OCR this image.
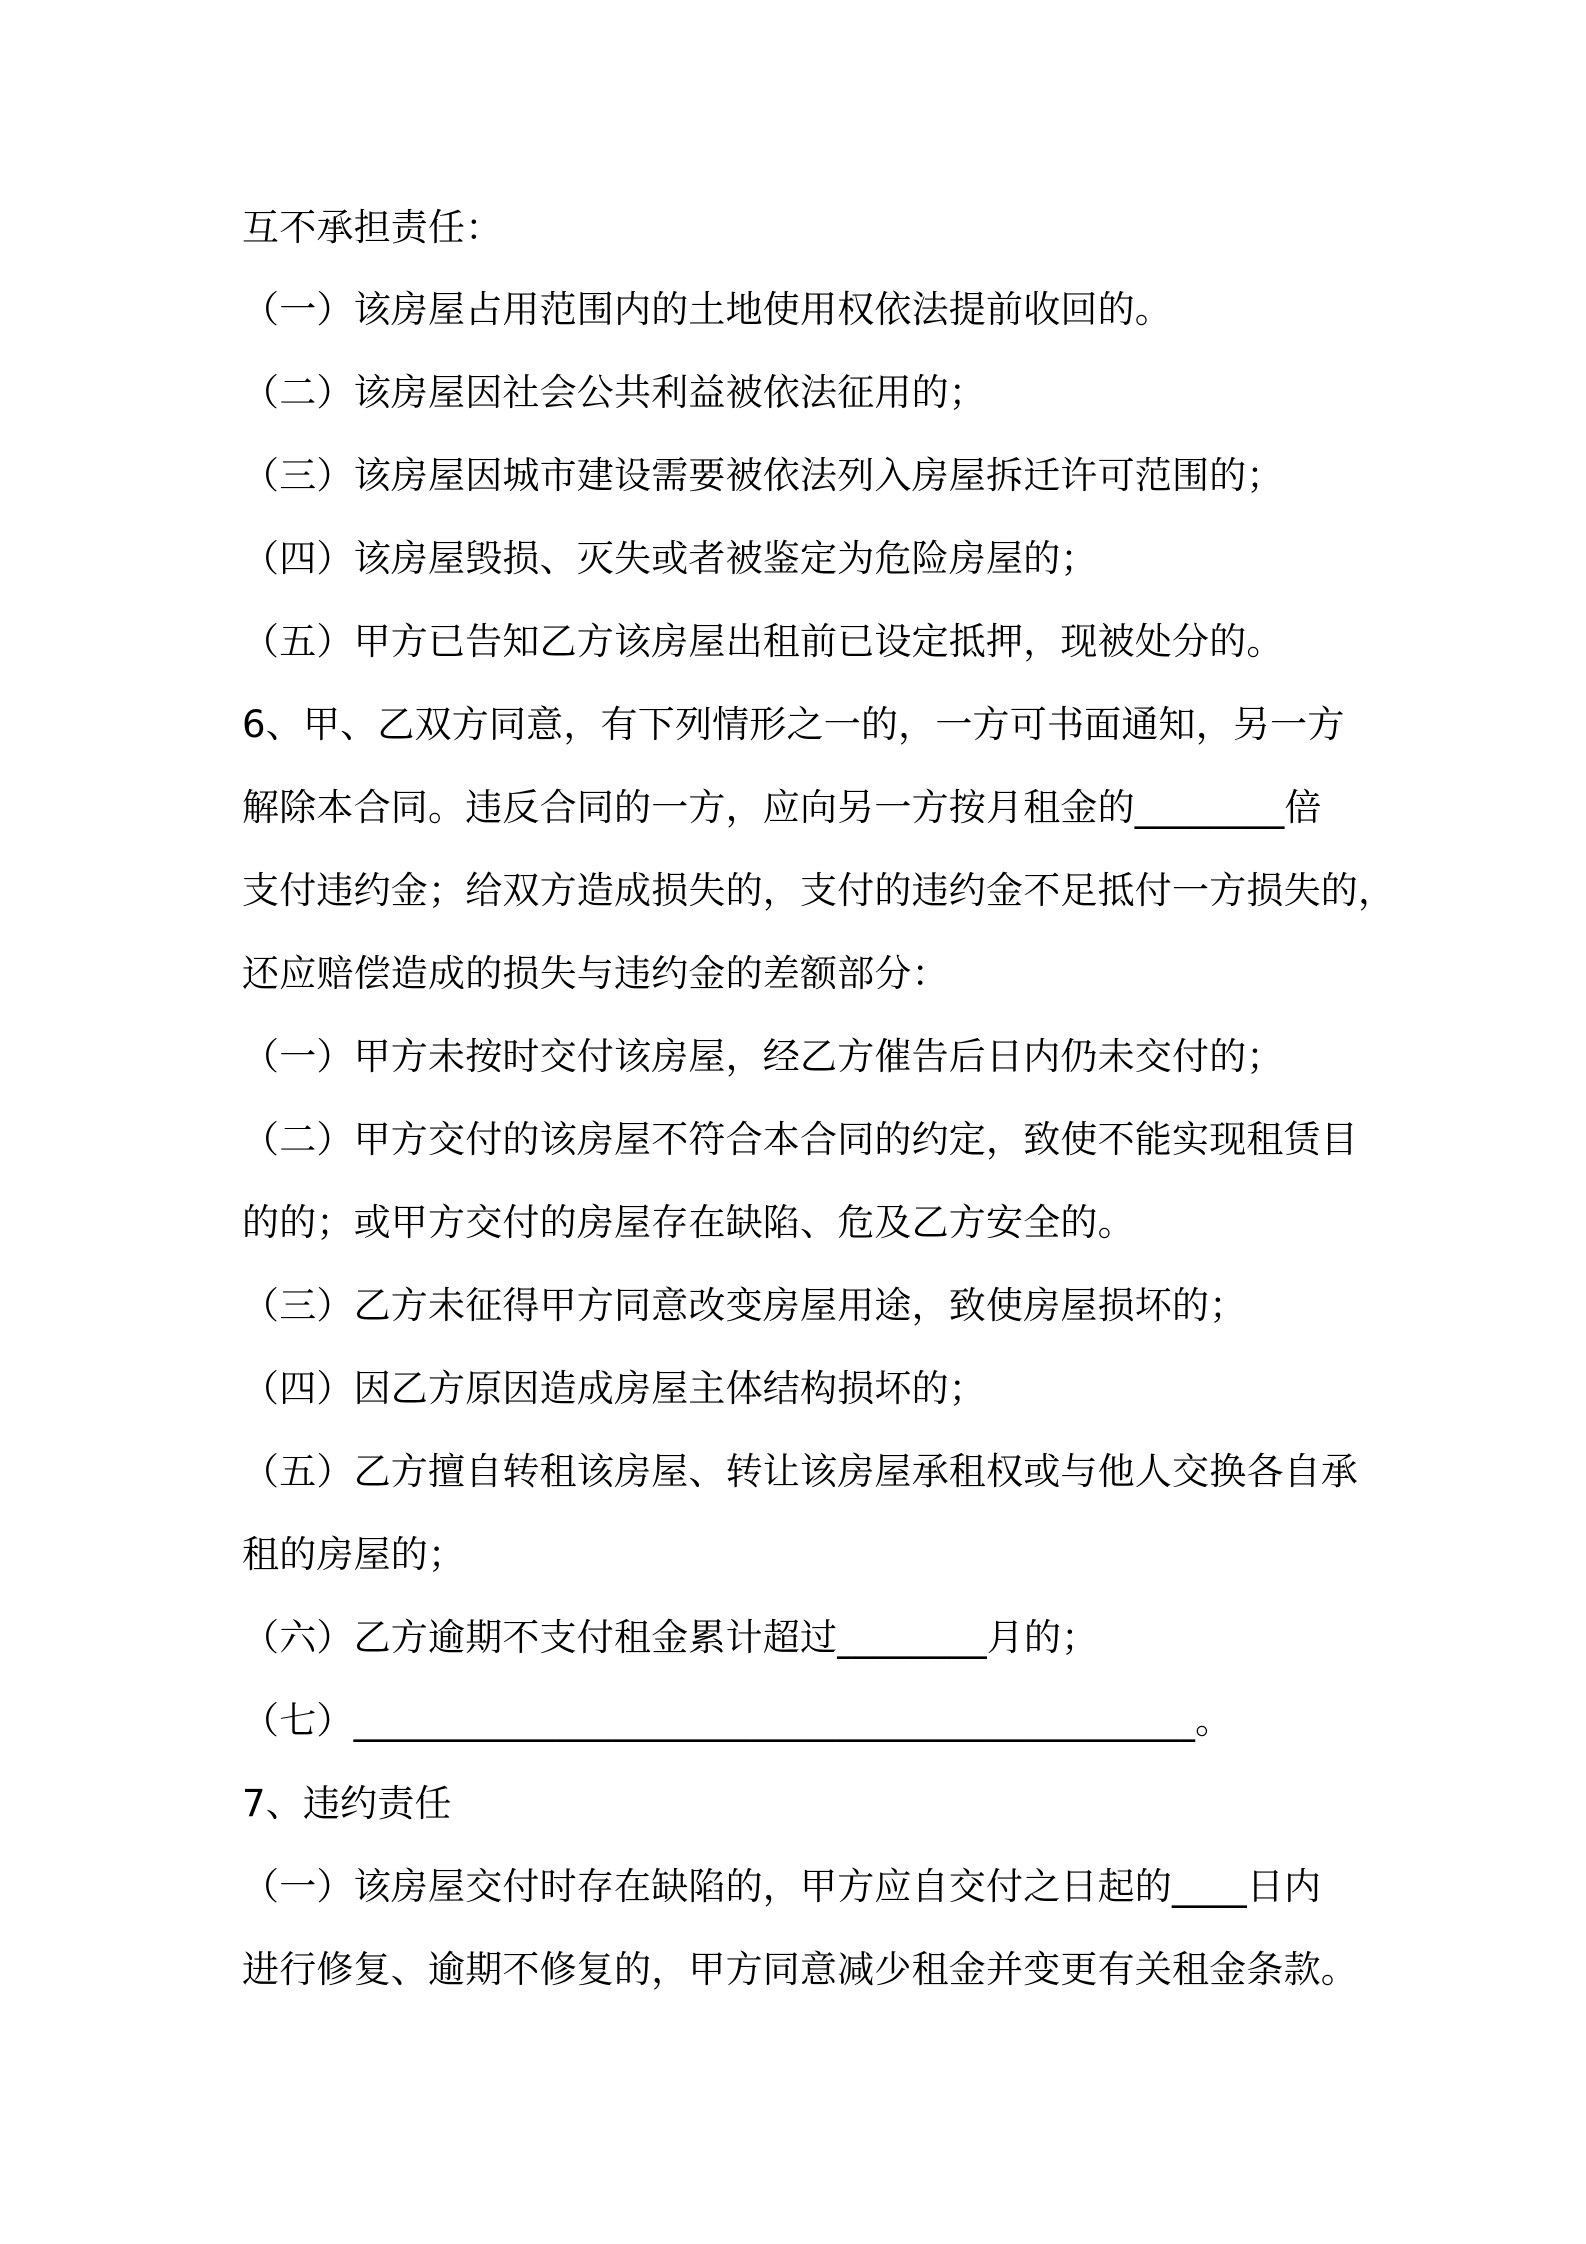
互不承担责任：
（一）该房屋占用范围内的土地使用权依法提前收回的。
（二）该房屋因社会公共利益被依法征用的；
（三）该房屋因城市建设需要被依法列入房屋拆迁许可范围的；
（四）该房屋毁损、灭失或者被鉴定为危险房屋的；
（五）甲方已告知乙方该房屋出租前已设定抵押，现被处分的。
6、甲、乙双方同意，有下列情形之一的，一方可书面通知，另一方
解除本合同。违反合同的一方，应向另一方按月租金的________倍
支付违约金；给双方造成损失的，支付的违约金不足抵付一方损失的，
还应赔偿造成的损失与违约金的差额部分：
（一）甲方未按时交付该房屋，经乙方催告后日内仍未交付的；
（二）甲方交付的该房屋不符合本合同的约定，致使不能实现租赁目
的的；或甲方交付的房屋存在缺陷、危及乙方安全的。
（三）乙方未征得甲方同意改变房屋用途，致使房屋损坏的；
（四）因乙方原因造成房屋主体结构损坏的；
（五）乙方擅自转租该房屋、转让该房屋承租权或与他人交换各自承
租的房屋的；
（六）乙方逾期不支付租金累计超过________月的；
（七）_____________________________________________。
7、违约责任
（一）该房屋交付时存在缺陷的，甲方应自交付之日起的____日内
进行修复、逾期不修复的，甲方同意减少租金并变更有关租金条款。
